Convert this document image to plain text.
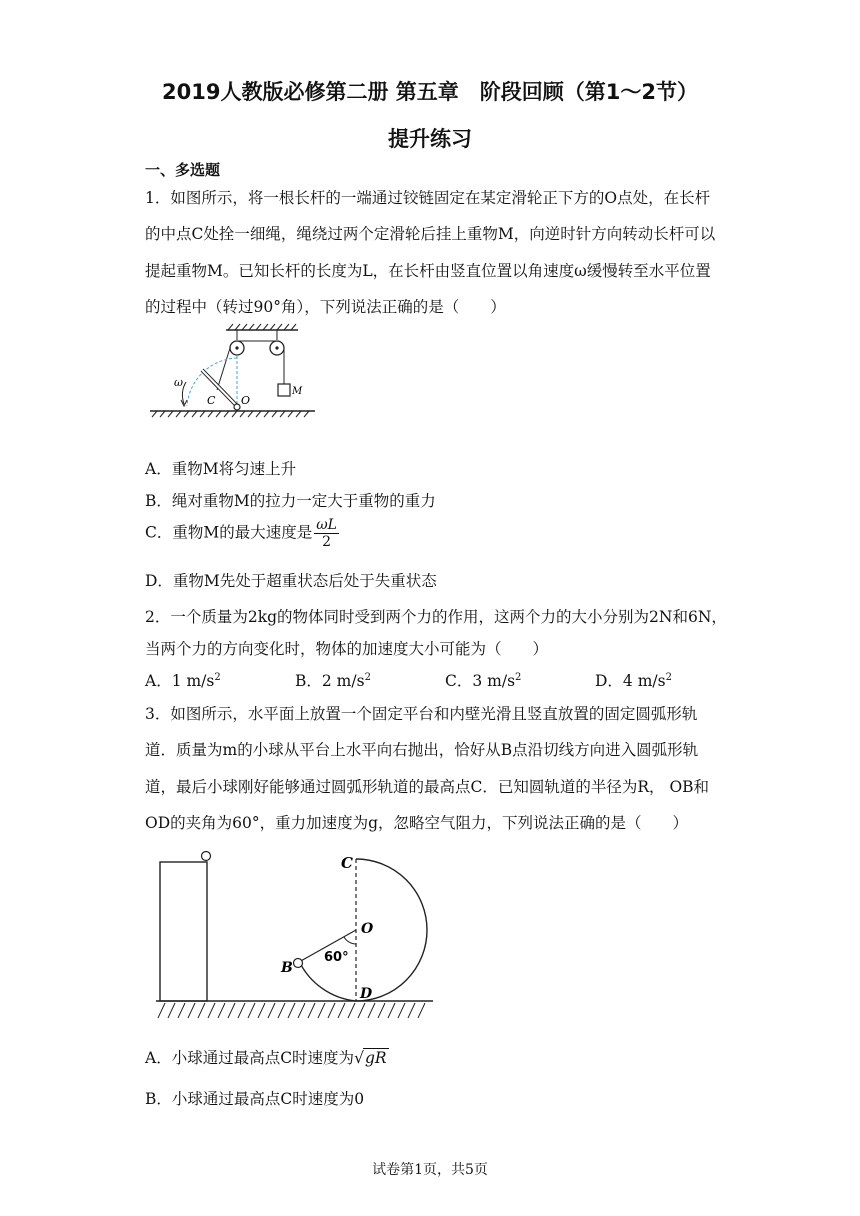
2019人教版必修第二册 第五章　阶段回顾（第1～2节）
提升练习
一、多选题
1．如图所示，将一根长杆的一端通过铰链固定在某定滑轮正下方的O点处，在长杆的中点C处拴一细绳，绳绕过两个定滑轮后挂上重物M，向逆时针方向转动长杆可以提起重物M。已知长杆的长度为L，在长杆由竖直位置以角速度ω缓慢转至水平位置的过程中（转过90°角），下列说法正确的是（　　）
ω
C O
M
A．重物M将匀速上升
B．绳对重物M的拉力一定大于重物的重力
C．重物M的最大速度是 $\frac{\omega L}{2}$
D．重物M先处于超重状态后处于失重状态
2．一个质量为2kg的物体同时受到两个力的作用，这两个力的大小分别为2N和6N，
当两个力的方向变化时，物体的加速度大小可能为（　　）
A．1 $m/s^2$	B．2 $m/s^2$	C．3 $m/s^2$	D．4 $m/s^2$
3．如图所示，水平面上放置一个固定平台和内壁光滑且竖直放置的固定圆弧形轨道．质量为m的小球从平台上水平向右抛出，恰好从B点沿切线方向进入圆弧形轨道，最后小球刚好能够通过圆弧形轨道的最高点C．已知圆轨道的半径为R， OB和OD的夹角为60°，重力加速度为g，忽略空气阻力，下列说法正确的是（　　）
C
O
B
D
60°
A．小球通过最高点C时速度为√gR
B．小球通过最高点C时速度为0
试卷第1页，共5页
